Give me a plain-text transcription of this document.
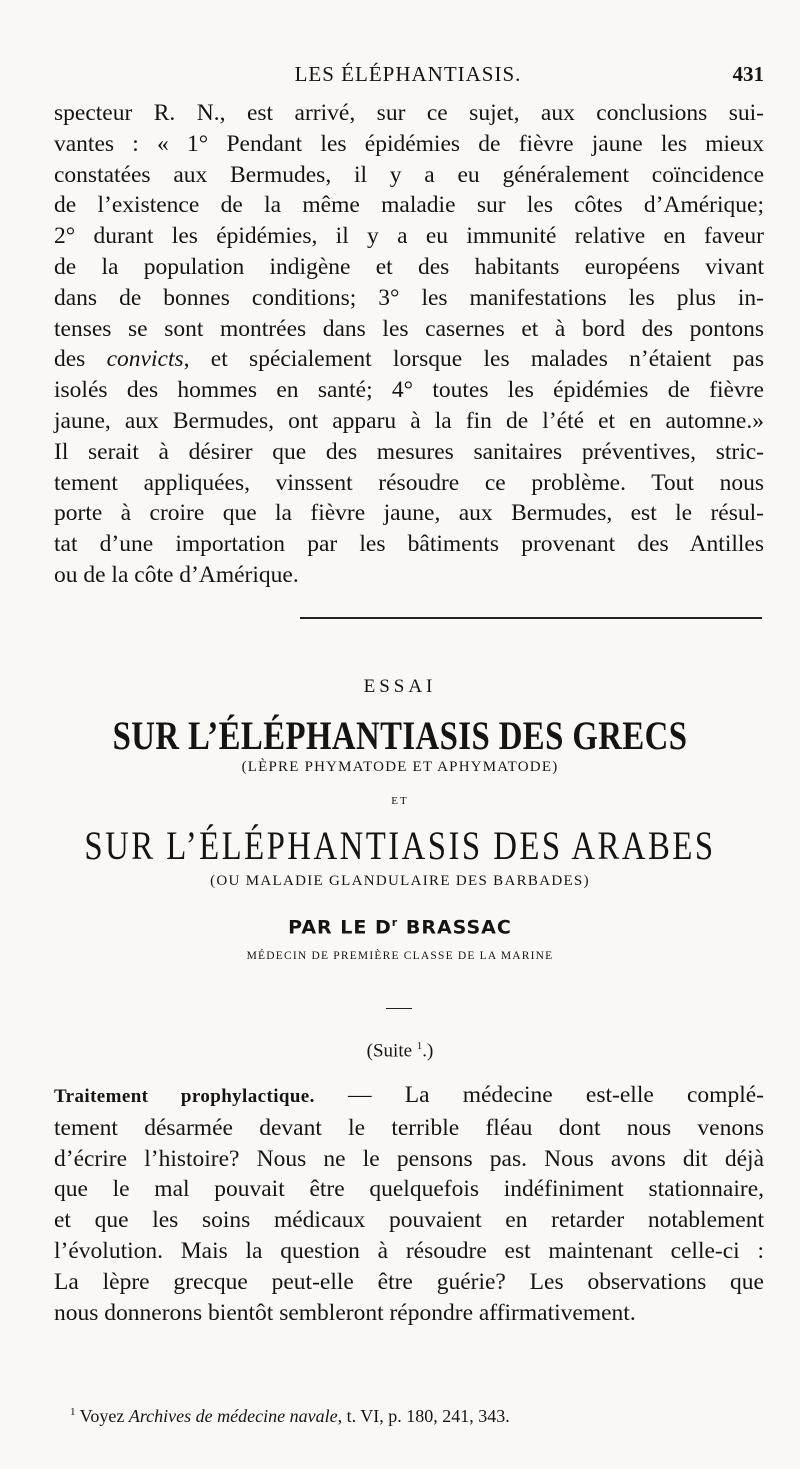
LES ÉLÉPHANTIASIS.	431
specteur R. N., est arrivé, sur ce sujet, aux conclusions sui-
vantes : « 1° Pendant les épidémies de fièvre jaune les mieux
constatées aux Bermudes, il y a eu généralement coïncidence
de l’existence de la même maladie sur les côtes d’Amérique;
2° durant les épidémies, il y a eu immunité relative en faveur
de la population indigène et des habitants européens vivant
dans de bonnes conditions; 3° les manifestations les plus in-
tenses se sont montrées dans les casernes et à bord des pontons
des convicts, et spécialement lorsque les malades n’étaient pas
isolés des hommes en santé; 4° toutes les épidémies de fièvre
jaune, aux Bermudes, ont apparu à la fin de l’été et en automne.»
Il serait à désirer que des mesures sanitaires préventives, stric-
tement appliquées, vinssent résoudre ce problème. Tout nous
porte à croire que la fièvre jaune, aux Bermudes, est le résul-
tat d’une importation par les bâtiments provenant des Antilles
ou de la côte d’Amérique.
ESSAI
SUR L’ÉLÉPHANTIASIS DES GRECS
(LÈPRE PHYMATODE ET APHYMATODE)
ET
SUR L’ÉLÉPHANTIASIS DES ARABES
(OU MALADIE GLANDULAIRE DES BARBADES)
PAR LE $D^r$ BRASSAC
MÉDECIN DE PREMIÈRE CLASSE DE LA MARINE
(Suite $^1$.)
Traitement prophylactique. — La médecine est-elle complé-
tement désarmée devant le terrible fléau dont nous venons
d’écrire l’histoire? Nous ne le pensons pas. Nous avons dit déjà
que le mal pouvait être quelquefois indéfiniment stationnaire,
et que les soins médicaux pouvaient en retarder notablement
l’évolution. Mais la question à résoudre est maintenant celle-ci :
La lèpre grecque peut-elle être guérie? Les observations que
nous donnerons bientôt sembleront répondre affirmativement.
$^1$ Voyez Archives de médecine navale, t. VI, p. 180, 241, 343.
